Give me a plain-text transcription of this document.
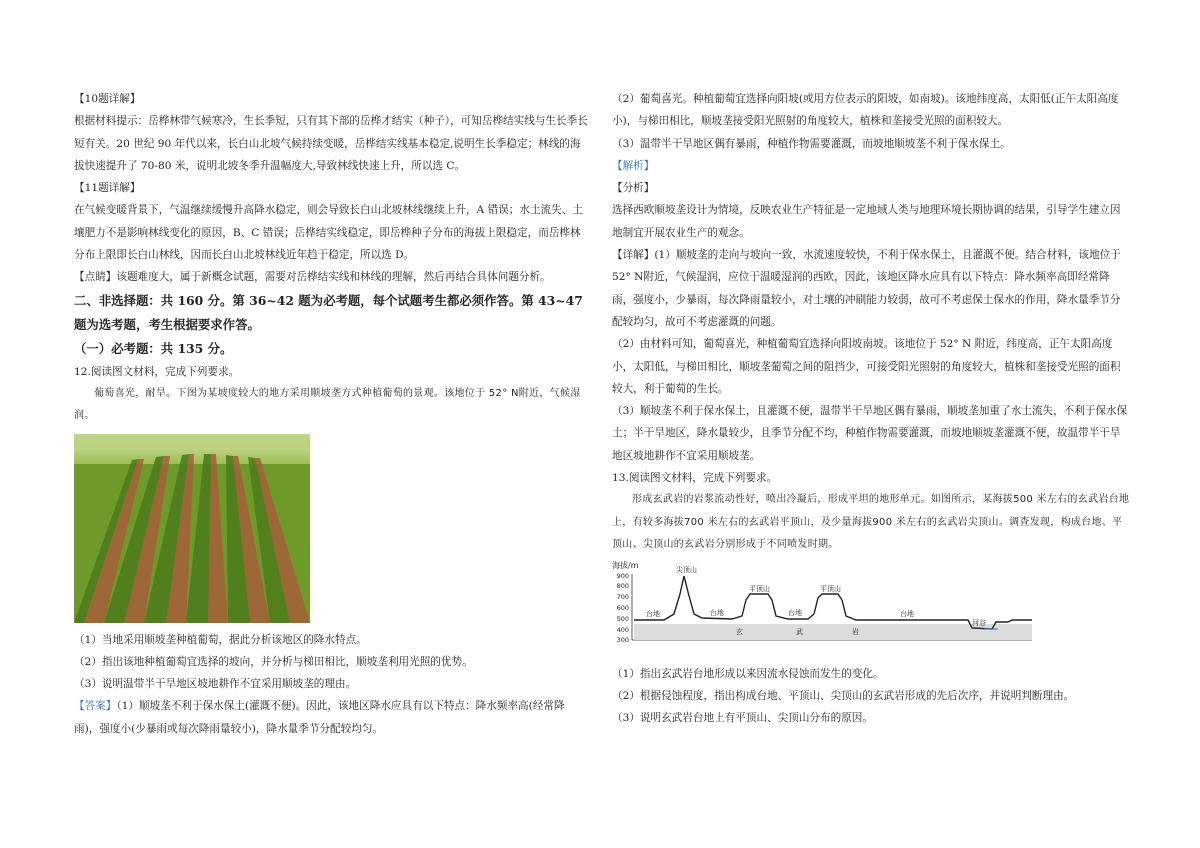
【10题详解】

根据材料提示：岳桦林带气候寒冷，生长季短，只有其下部的岳桦才结实（种子），可知岳桦结实线与生长季长短有关。20 世纪 90 年代以来，长白山北坡气候持续变暖，岳桦结实线基本稳定,说明生长季稳定；林线的海拔快速提升了 70-80 米，说明北坡冬季升温幅度大,导致林线快速上升，所以选 C。

【11题详解】

在气候变暖背景下，气温继续缓慢升高降水稳定，则会导致长白山北坡林线继续上升，A 错误；水土流失、土壤肥力不是影响林线变化的原因，B、C 错误；岳桦结实线稳定，即岳桦种子分布的海拔上限稳定，而岳桦林分布上限即长白山林线，因而长白山北坡林线近年趋于稳定，所以选 D。

【点睛】该题难度大，属于新概念试题，需要对岳桦结实线和林线的理解，然后再结合具体问题分析。

二、非选择题：共 160 分。第 36~42 题为必考题，每个试题考生都必须作答。第 43~47 题为选考题，考生根据要求作答。

（一）必考题：共 135 分。

12.阅读图文材料，完成下列要求。

葡萄喜光，耐旱。下图为某坡度较大的地方采用顺坡垄方式种植葡萄的景观。该地位于 52° N附近，气候湿润。

（1）当地采用顺坡垄种植葡萄，据此分析该地区的降水特点。

（2）指出该地种植葡萄宜选择的坡向，并分析与梯田相比，顺坡垄利用光照的优势。

（3）说明温带半干旱地区坡地耕作不宜采用顺坡垄的理由。

【答案】（1）顺坡垄不利于保水保土(灌溉不便)。因此，该地区降水应具有以下特点：降水频率高(经常降雨)，强度小(少暴雨或每次降雨量较小)，降水量季节分配较均匀。

（2）葡萄喜光。种植葡萄宜选择向阳坡(或用方位表示的阳坡，如南坡)。该地纬度高，太阳低(正午太阳高度小)，与梯田相比，顺坡垄接受阳光照射的角度较大，植株和垄接受光照的面积较大。

（3）温带半干旱地区偶有暴雨，种植作物需要灌溉，而坡地顺坡垄不利于保水保土。

【解析】

【分析】

选择西欧顺坡垄设计为情境，反映农业生产特征是一定地域人类与地理环境长期协调的结果，引导学生建立因地制宜开展农业生产的观念。

【详解】(1）顺坡垄的走向与坡向一致，水流速度较快，不利于保水保土，且灌溉不便。结合材料，该地位于 52° N附近，气候湿润，应位于温暖湿润的西欧，因此，该地区降水应具有以下特点：降水频率高即经常降雨，强度小，少暴雨，每次降雨量较小，对土壤的冲刷能力较弱，故可不考虑保土保水的作用，降水量季节分配较均匀，故可不考虑灌溉的问题。

（2）由材料可知，葡萄喜光，种植葡萄宜选择向阳坡南坡。该地位于 52° N 附近，纬度高，正午太阳高度小，太阳低，与梯田相比，顺坡垄葡萄之间的阻挡少，可接受阳光照射的角度较大，植株和垄接受光照的面积较大，利于葡萄的生长。

（3）顺坡垄不利于保水保土，且灌溉不便，温带半干旱地区偶有暴雨，顺坡垄加重了水土流失，不利于保水保土；半干旱地区，降水量较少，且季节分配不均，种植作物需要灌溉，而坡地顺坡垄灌溉不便，故温带半干旱地区坡地耕作不宜采用顺坡垄。

13.阅读图文材料，完成下列要求。

形成玄武岩的岩浆流动性好，喷出冷凝后，形成平坦的地形单元。如图所示，某海拔500 米左右的玄武岩台地上，有较多海拔700 米左右的玄武岩平顶山，及少量海拔900 米左右的玄武岩尖顶山。调查发现，构成台地、平顶山、尖顶山的玄武岩分别形成于不同喷发时期。

海拔/m
900
800
700
600
500
400
300
尖顶山
平顶山	平顶山
台地	台地	台地	台地
河谷
玄	武	岩

（1）指出玄武岩台地形成以来因流水侵蚀而发生的变化。

（2）根据侵蚀程度，指出构成台地、平顶山、尖顶山的玄武岩形成的先后次序，并说明判断理由。

（3）说明玄武岩台地上有平顶山、尖顶山分布的原因。
